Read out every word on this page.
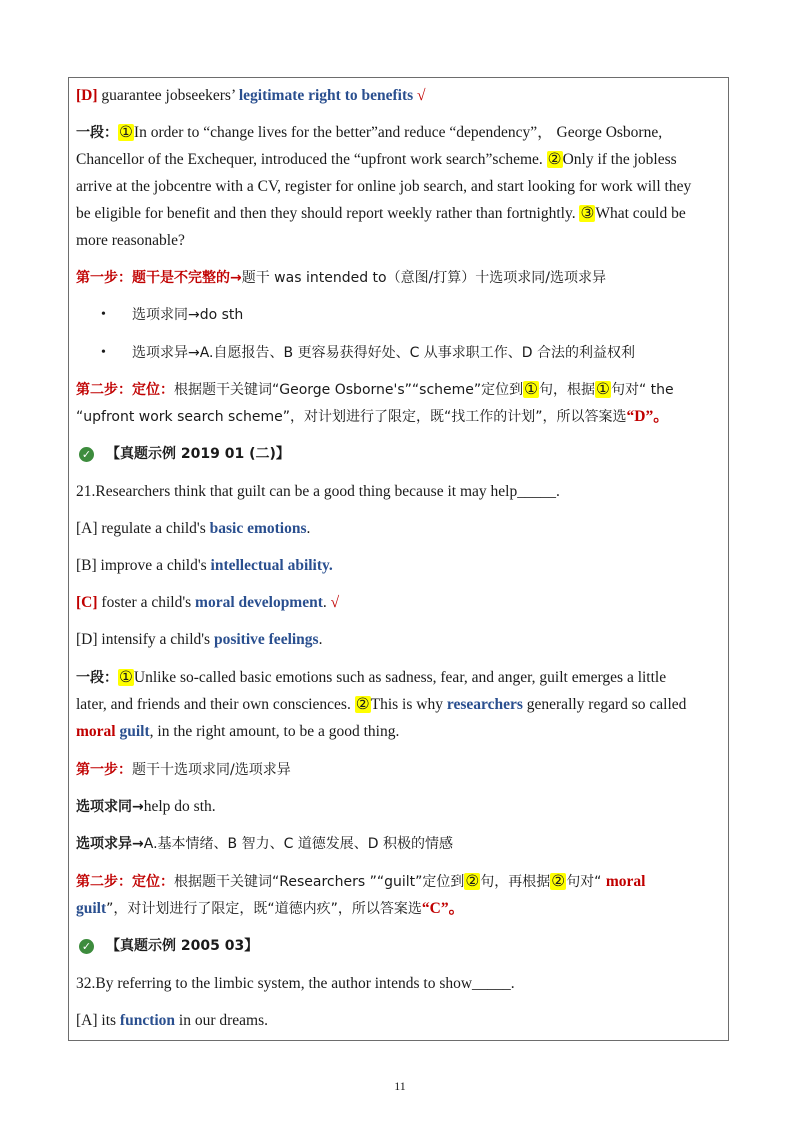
[D] guarantee jobseekers’ legitimate right to benefits √
一段：①In order to “change lives for the better”and reduce “dependency”， George Osborne,
Chancellor of the Exchequer, introduced the “upfront work search”scheme. ②Only if the jobless
arrive at the jobcentre with a CV, register for online job search, and start looking for work will they
be eligible for benefit and then they should report weekly rather than fortnightly. ③What could be
more reasonable?
第一步：题干是不完整的→题干 was intended to（意图/打算）十选项求同/选项求异
• 选项求同→do sth
• 选项求异→A.自愿报告、B 更容易获得好处、C 从事求职工作、D 合法的利益权利
第二步：定位：根据题干关键词“George Osborne's”“scheme”定位到①句，根据①句对“ the
“upfront work search scheme”，对计划进行了限定，既“找工作的计划”，所以答案选“D”。
✓ 【真题示例 2019 01 (二)】
21.Researchers think that guilt can be a good thing because it may help_____.
[A] regulate a child's basic emotions.
[B] improve a child's intellectual ability.
[C] foster a child's moral development. √
[D] intensify a child's positive feelings.
一段：①Unlike so-called basic emotions such as sadness, fear, and anger, guilt emerges a little
later, and friends and their own consciences. ②This is why researchers generally regard so called
moral guilt, in the right amount, to be a good thing.
第一步：题干十选项求同/选项求异
选项求同→help do sth.
选项求异→A.基本情绪、B 智力、C 道德发展、D 积极的情感
第二步：定位：根据题干关键词“Researchers ”“guilt”定位到②句，再根据②句对“ moral
guilt”，对计划进行了限定，既“道德内疚”，所以答案选“C”。
✓ 【真题示例 2005 03】
32.By referring to the limbic system, the author intends to show_____.
[A] its function in our dreams.
11
